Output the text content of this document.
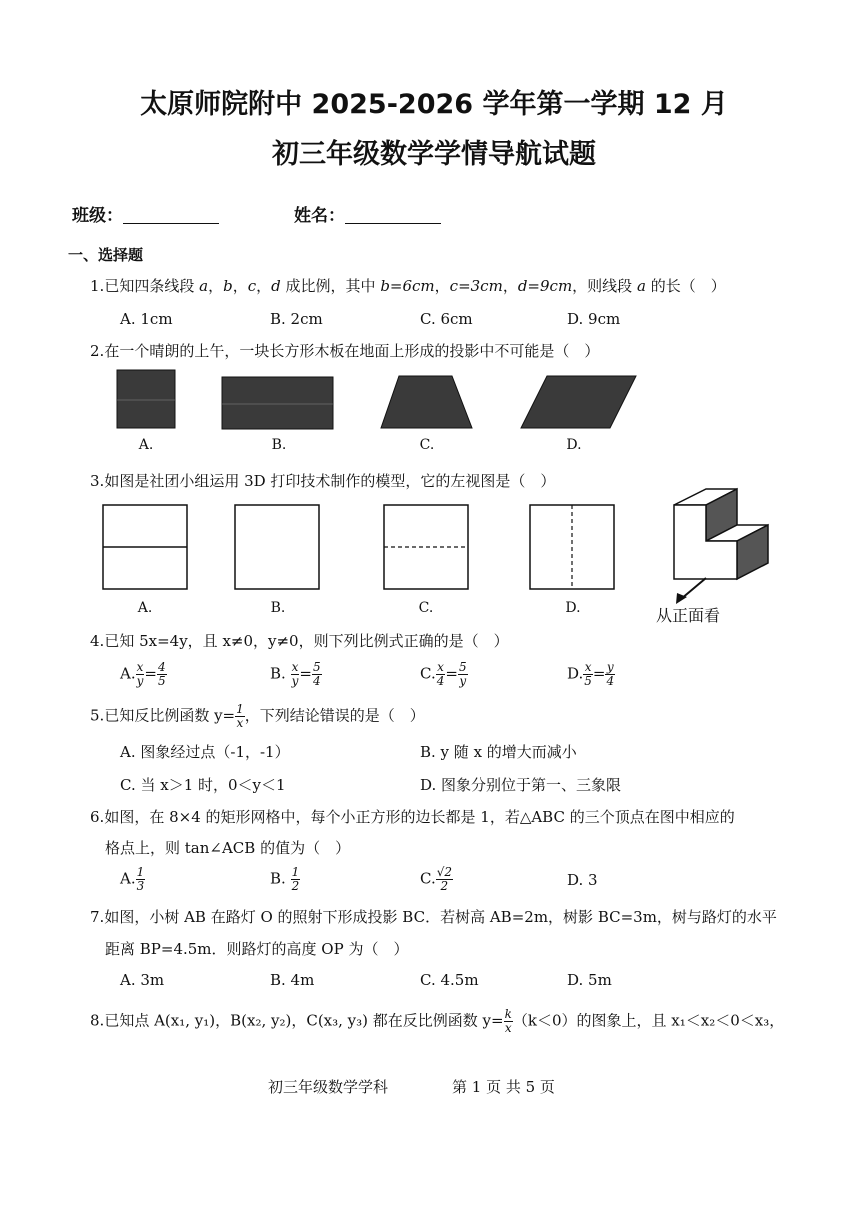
太原师院附中 2025-2026 学年第一学期 12 月
初三年级数学学情导航试题
班级：	姓名：
一、选择题
1.已知四条线段 a，b，c，d 成比例，其中 b=6cm，c=3cm，d=9cm，则线段 a 的长（　）
A. 1cm	B. 2cm	C. 6cm	D. 9cm
2.在一个晴朗的上午，一块长方形木板在地面上形成的投影中不可能是（　）
A.	B.	C.	D.
3.如图是社团小组运用 3D 打印技术制作的模型，它的左视图是（　）
A.	B.	C.	D.	从正面看
4.已知 5x=4y，且 x≠0，y≠0，则下列比例式正确的是（　）
A. $\frac{x}{y} = \frac{4}{5}$	B. $\frac{x}{y} = \frac{5}{4}$	C. $\frac{x}{4} = \frac{5}{y}$	D. $\frac{x}{5} = \frac{y}{4}$
5.已知反比例函数 $y= \frac{1}{x}$ ，下列结论错误的是（　）
A. 图象经过点（-1，-1）	B. y 随 x 的增大而减小
C. 当 x＞1 时，0＜y＜1	D. 图象分别位于第一、三象限
6.如图，在 8×4 的矩形网格中，每个小正方形的边长都是 1，若△ABC 的三个顶点在图中相应的
格点上，则 tan∠ACB 的值为（　）
A. $\frac{1}{3}$	B. $\frac{1}{2}$	C. $\frac{√2}{2}$	D. 3
7.如图，小树 AB 在路灯 O 的照射下形成投影 BC．若树高 AB=2m，树影 BC=3m，树与路灯的水平
距离 BP=4.5m．则路灯的高度 OP 为（　）
A. 3m	B. 4m	C. 4.5m	D. 5m
8.已知点 A(x₁, y₁)，B(x₂, y₂)，C(x₃, y₃) 都在反比例函数 $y= \frac{k}{x} (k<0)$的图象上，且 x₁＜x₂＜0＜x₃，
初三年级数学学科	第 1 页 共 5 页
